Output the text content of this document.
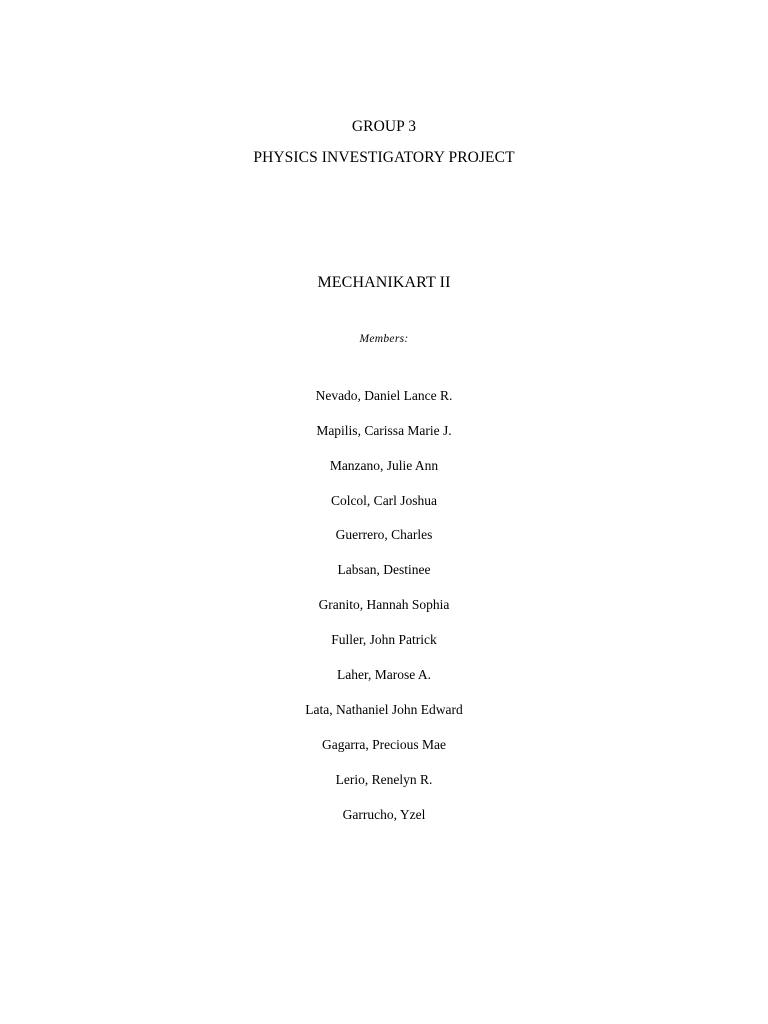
GROUP 3
PHYSICS INVESTIGATORY PROJECT
MECHANIKART II
Members:
Nevado, Daniel Lance R.
Mapilis, Carissa Marie J.
Manzano, Julie Ann
Colcol, Carl Joshua
Guerrero, Charles
Labsan, Destinee
Granito, Hannah Sophia
Fuller, John Patrick
Laher, Marose A.
Lata, Nathaniel John Edward
Gagarra, Precious Mae
Lerio, Renelyn R.
Garrucho, Yzel
